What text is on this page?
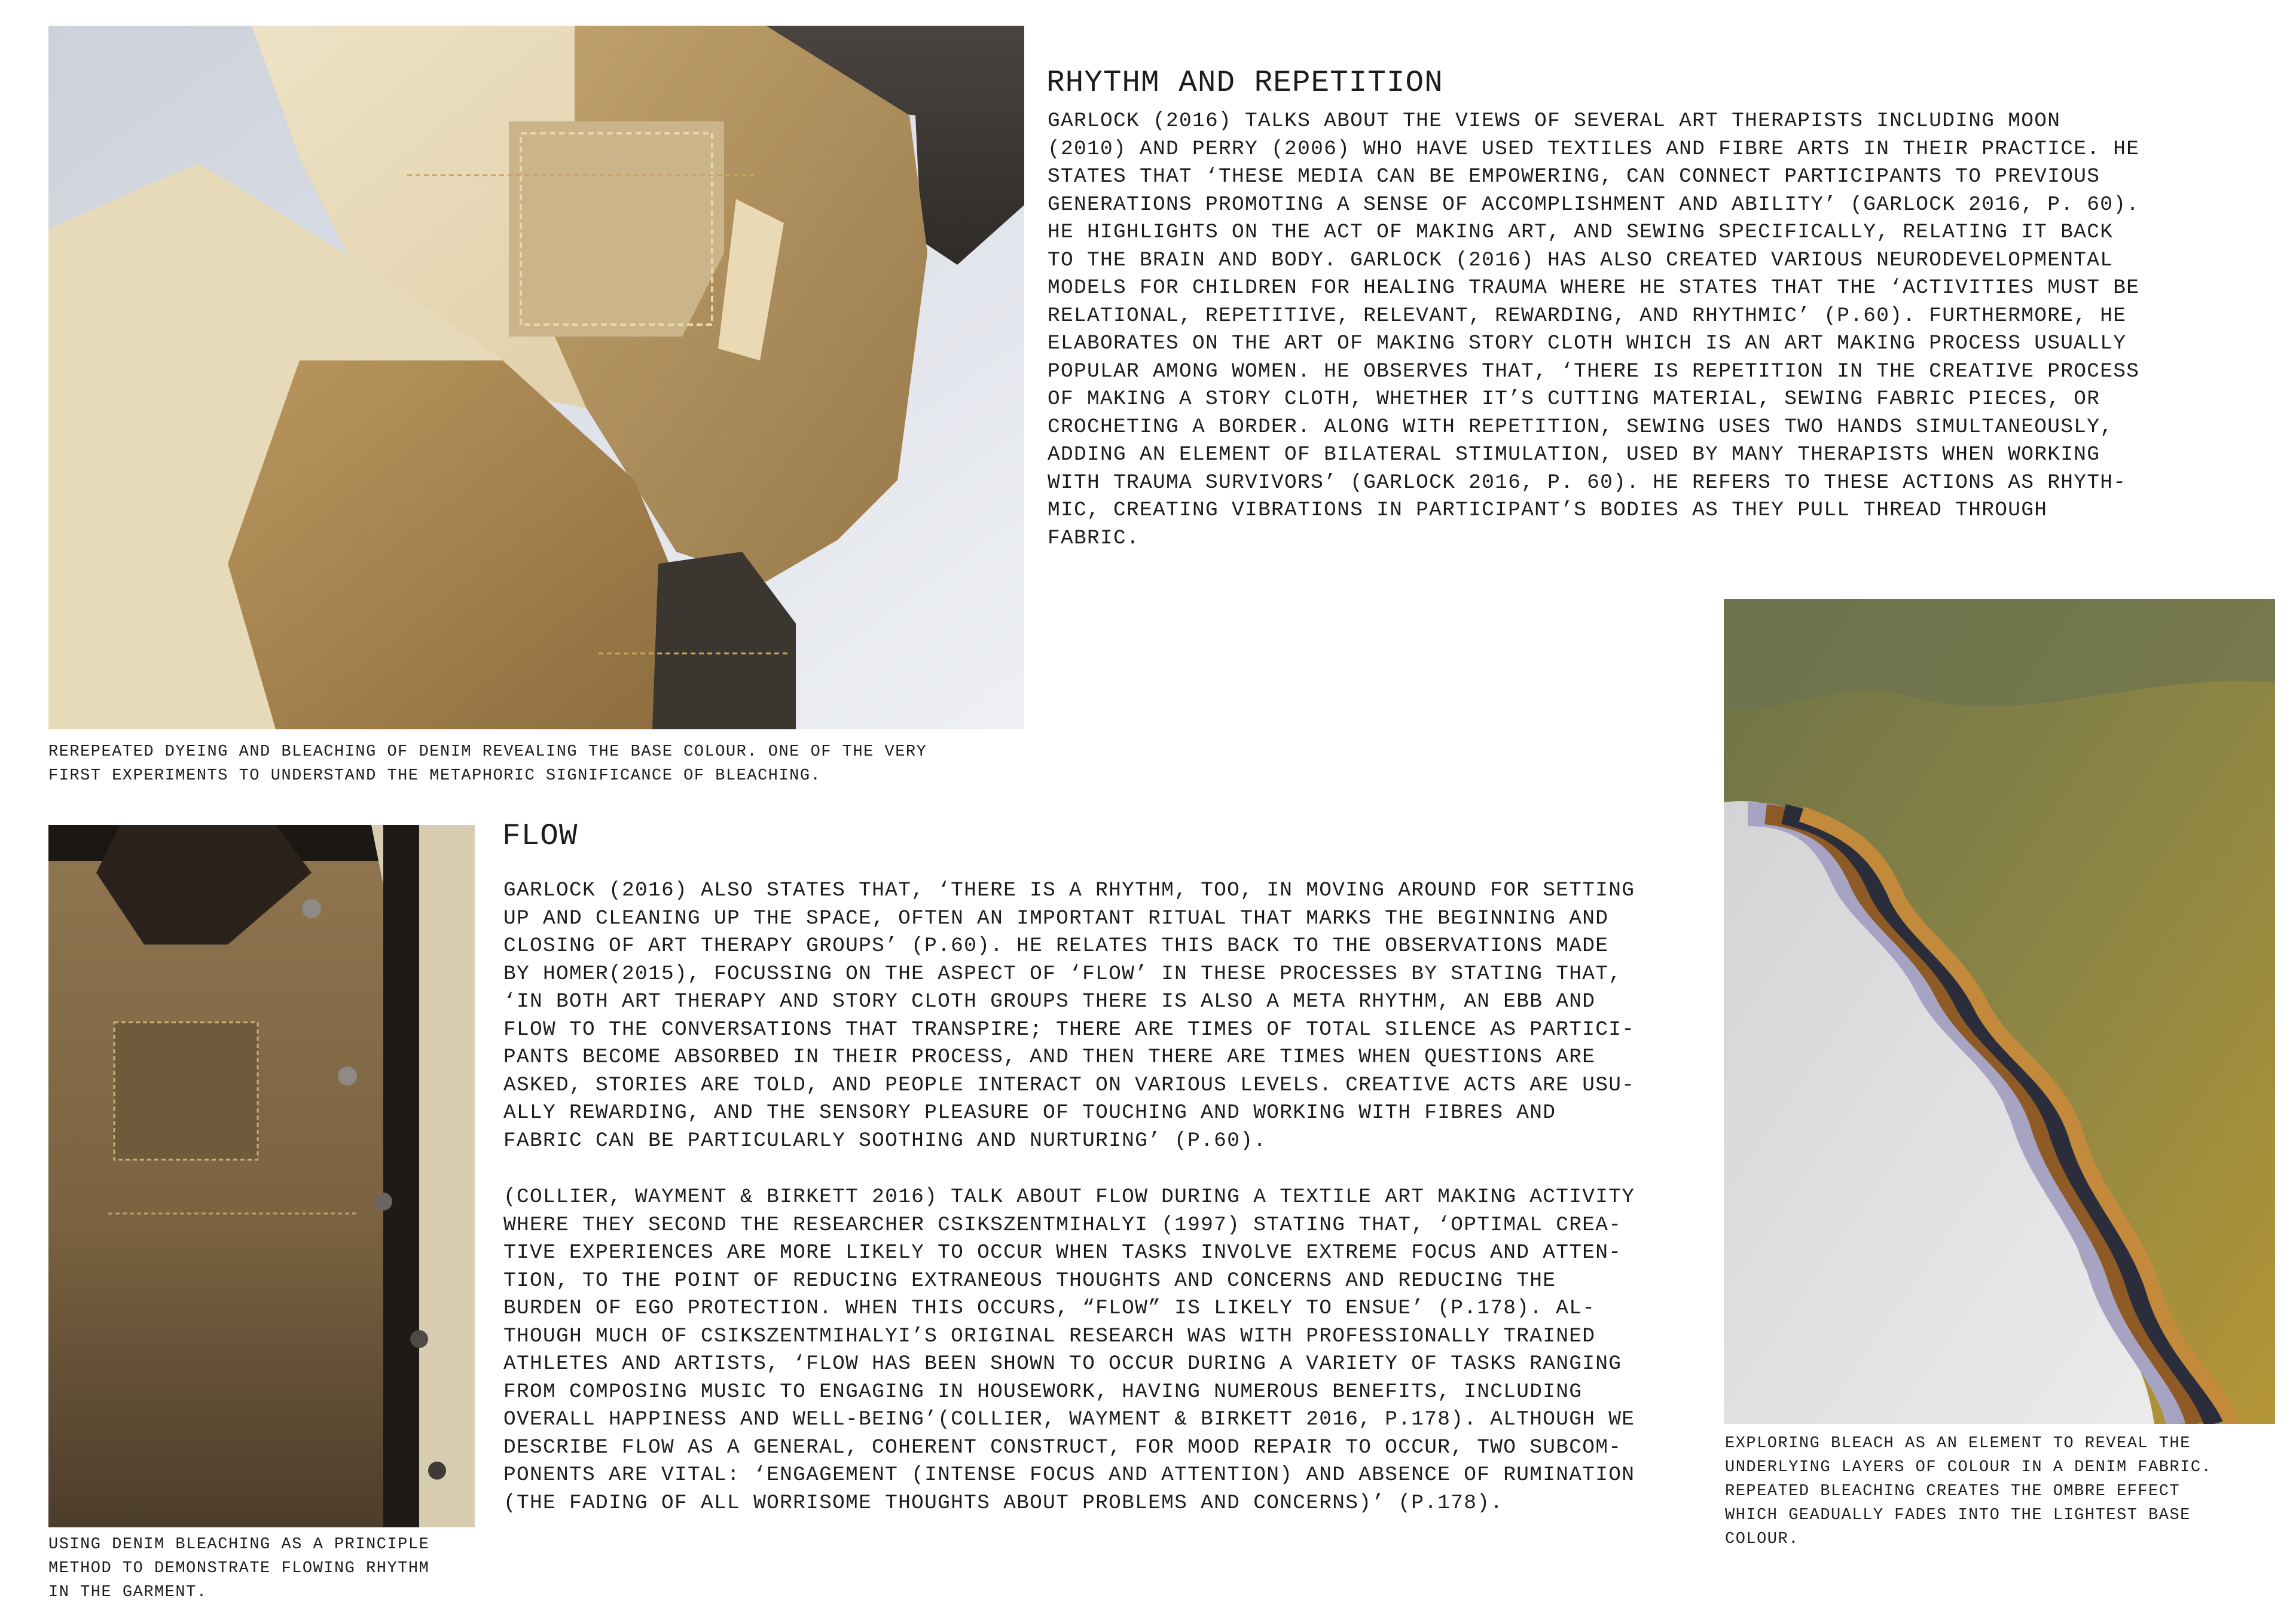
REREPEATED DYEING AND BLEACHING OF DENIM REVEALING THE BASE COLOUR. ONE OF THE VERY
FIRST EXPERIMENTS TO UNDERSTAND THE METAPHORIC SIGNIFICANCE OF BLEACHING.

RHYTHM AND REPETITION

GARLOCK (2016) TALKS ABOUT THE VIEWS OF SEVERAL ART THERAPISTS INCLUDING MOON
(2010) AND PERRY (2006) WHO HAVE USED TEXTILES AND FIBRE ARTS IN THEIR PRACTICE. HE
STATES THAT ‘THESE MEDIA CAN BE EMPOWERING, CAN CONNECT PARTICIPANTS TO PREVIOUS
GENERATIONS PROMOTING A SENSE OF ACCOMPLISHMENT AND ABILITY’ (GARLOCK 2016, P. 60).
HE HIGHLIGHTS ON THE ACT OF MAKING ART, AND SEWING SPECIFICALLY, RELATING IT BACK
TO THE BRAIN AND BODY. GARLOCK (2016) HAS ALSO CREATED VARIOUS NEURODEVELOPMENTAL
MODELS FOR CHILDREN FOR HEALING TRAUMA WHERE HE STATES THAT THE ‘ACTIVITIES MUST BE
RELATIONAL, REPETITIVE, RELEVANT, REWARDING, AND RHYTHMIC’ (P.60). FURTHERMORE, HE
ELABORATES ON THE ART OF MAKING STORY CLOTH WHICH IS AN ART MAKING PROCESS USUALLY
POPULAR AMONG WOMEN. HE OBSERVES THAT, ‘THERE IS REPETITION IN THE CREATIVE PROCESS
OF MAKING A STORY CLOTH, WHETHER IT’S CUTTING MATERIAL, SEWING FABRIC PIECES, OR
CROCHETING A BORDER. ALONG WITH REPETITION, SEWING USES TWO HANDS SIMULTANEOUSLY,
ADDING AN ELEMENT OF BILATERAL STIMULATION, USED BY MANY THERAPISTS WHEN WORKING
WITH TRAUMA SURVIVORS’ (GARLOCK 2016, P. 60). HE REFERS TO THESE ACTIONS AS RHYTH-
MIC, CREATING VIBRATIONS IN PARTICIPANT’S BODIES AS THEY PULL THREAD THROUGH
FABRIC.

USING DENIM BLEACHING AS A PRINCIPLE
METHOD TO DEMONSTRATE FLOWING RHYTHM
IN THE GARMENT.

FLOW

GARLOCK (2016) ALSO STATES THAT, ‘THERE IS A RHYTHM, TOO, IN MOVING AROUND FOR SETTING
UP AND CLEANING UP THE SPACE, OFTEN AN IMPORTANT RITUAL THAT MARKS THE BEGINNING AND
CLOSING OF ART THERAPY GROUPS’ (P.60). HE RELATES THIS BACK TO THE OBSERVATIONS MADE
BY HOMER(2015), FOCUSSING ON THE ASPECT OF ‘FLOW’ IN THESE PROCESSES BY STATING THAT,
‘IN BOTH ART THERAPY AND STORY CLOTH GROUPS THERE IS ALSO A META RHYTHM, AN EBB AND
FLOW TO THE CONVERSATIONS THAT TRANSPIRE; THERE ARE TIMES OF TOTAL SILENCE AS PARTICI-
PANTS BECOME ABSORBED IN THEIR PROCESS, AND THEN THERE ARE TIMES WHEN QUESTIONS ARE
ASKED, STORIES ARE TOLD, AND PEOPLE INTERACT ON VARIOUS LEVELS. CREATIVE ACTS ARE USU-
ALLY REWARDING, AND THE SENSORY PLEASURE OF TOUCHING AND WORKING WITH FIBRES AND
FABRIC CAN BE PARTICULARLY SOOTHING AND NURTURING’ (P.60).

(COLLIER, WAYMENT & BIRKETT 2016) TALK ABOUT FLOW DURING A TEXTILE ART MAKING ACTIVITY
WHERE THEY SECOND THE RESEARCHER CSIKSZENTMIHALYI (1997) STATING THAT, ‘OPTIMAL CREA-
TIVE EXPERIENCES ARE MORE LIKELY TO OCCUR WHEN TASKS INVOLVE EXTREME FOCUS AND ATTEN-
TION, TO THE POINT OF REDUCING EXTRANEOUS THOUGHTS AND CONCERNS AND REDUCING THE
BURDEN OF EGO PROTECTION. WHEN THIS OCCURS, “FLOW” IS LIKELY TO ENSUE’ (P.178). AL-
THOUGH MUCH OF CSIKSZENTMIHALYI’S ORIGINAL RESEARCH WAS WITH PROFESSIONALLY TRAINED
ATHLETES AND ARTISTS, ‘FLOW HAS BEEN SHOWN TO OCCUR DURING A VARIETY OF TASKS RANGING
FROM COMPOSING MUSIC TO ENGAGING IN HOUSEWORK, HAVING NUMEROUS BENEFITS, INCLUDING
OVERALL HAPPINESS AND WELL-BEING’(COLLIER, WAYMENT & BIRKETT 2016, P.178). ALTHOUGH WE
DESCRIBE FLOW AS A GENERAL, COHERENT CONSTRUCT, FOR MOOD REPAIR TO OCCUR, TWO SUBCOM-
PONENTS ARE VITAL: ‘ENGAGEMENT (INTENSE FOCUS AND ATTENTION) AND ABSENCE OF RUMINATION
(THE FADING OF ALL WORRISOME THOUGHTS ABOUT PROBLEMS AND CONCERNS)’ (P.178).

EXPLORING BLEACH AS AN ELEMENT TO REVEAL THE
UNDERLYING LAYERS OF COLOUR IN A DENIM FABRIC.
REPEATED BLEACHING CREATES THE OMBRE EFFECT
WHICH GEADUALLY FADES INTO THE LIGHTEST BASE
COLOUR.
